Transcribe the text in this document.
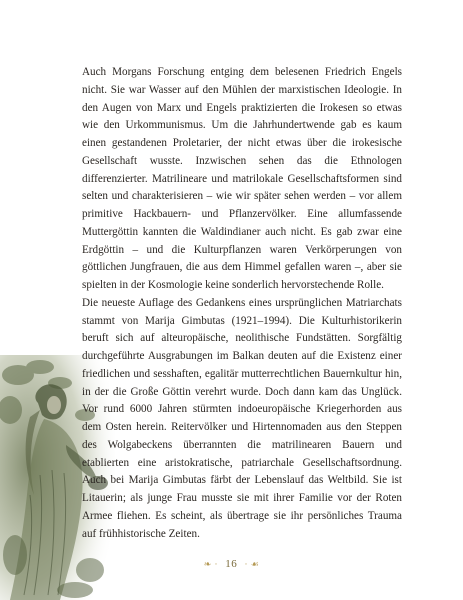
Auch Morgans Forschung entging dem belesenen Friedrich Engels nicht. Sie war Wasser auf den Mühlen der marxistischen Ideologie. In den Augen von Marx und Engels praktizierten die Irokesen so etwas wie den Urkommunismus. Um die Jahrhundertwende gab es kaum einen gestandenen Proletarier, der nicht etwas über die irokesische Gesellschaft wusste. Inzwischen sehen das die Ethnologen differenzierter. Matrilineare und matrilokale Gesellschaftsformen sind selten und charakterisieren – wie wir später sehen werden – vor allem primitive Hackbauern- und Pflanzervölker. Eine allumfassende Muttergöttin kannten die Waldindianer auch nicht. Es gab zwar eine Erdgöttin – und die Kulturpflanzen waren Verkörperungen von göttlichen Jungfrauen, die aus dem Himmel gefallen waren –, aber sie spielten in der Kosmologie keine sonderlich hervorstechende Rolle.

Die neueste Auflage des Gedankens eines ursprünglichen Matriarchats stammt von Marija Gimbutas (1921–1994). Die Kulturhistorikerin beruft sich auf alteuropäische, neolithische Fundstätten. Sorgfältig durchgeführte Ausgrabungen im Balkan deuten auf die Existenz einer friedlichen und sesshaften, egalitär mutterrechtlichen Bauernkultur hin, in der die Große Göttin verehrt wurde. Doch dann kam das Unglück. Vor rund 6000 Jahren stürmten indoeuropäische Kriegerhorden aus dem Osten herein. Reitervölker und Hirtennomaden aus den Steppen des Wolgabeckens überrannten die matrilinearen Bauern und etablierten eine aristokratische, patriarchale Gesellschaftsordnung. Auch bei Marija Gimbutas färbt der Lebenslauf das Weltbild. Sie ist Litauerin; als junge Frau musste sie mit ihrer Familie vor der Roten Armee fliehen. Es scheint, als übertrage sie ihr persönliches Trauma auf frühhistorische Zeiten.

❧ · 16 · ☙
